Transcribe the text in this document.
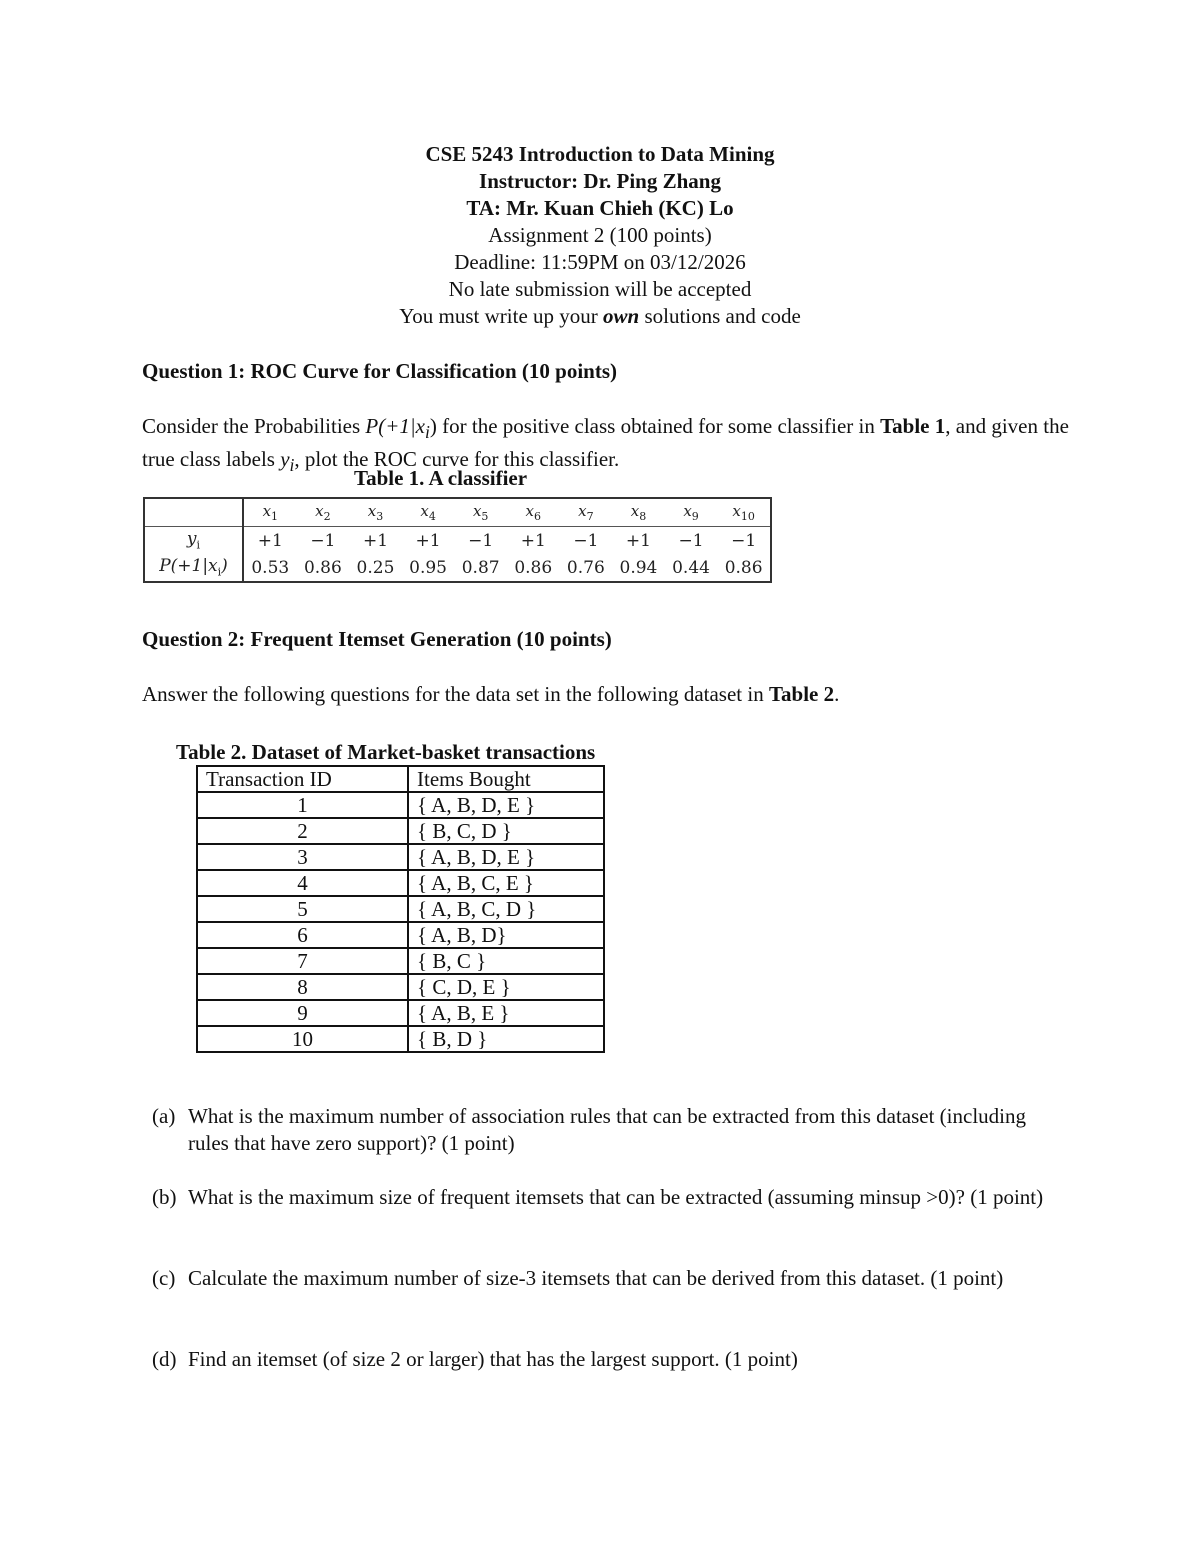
CSE 5243 Introduction to Data Mining
Instructor: Dr. Ping Zhang
TA: Mr. Kuan Chieh (KC) Lo
Assignment 2 (100 points)
Deadline: 11:59PM on 03/12/2026
No late submission will be accepted
You must write up your own solutions and code
Question 1: ROC Curve for Classification (10 points)
Consider the Probabilities $P(+1|x_i)$ for the positive class obtained for some classifier in Table 1, and given the true class labels $y_i$, plot the ROC curve for this classifier.
Table 1. A classifier
	$x_1$	$x_2$	$x_3$	$x_4$	$x_5$	$x_6$	$x_7$	$x_8$	$x_9$	$x_{10}$
$y_i$	+1	−1	+1	+1	−1	+1	−1	+1	−1	−1
$P(+1|x_i)$	0.53	0.86	0.25	0.95	0.87	0.86	0.76	0.94	0.44	0.86
Question 2: Frequent Itemset Generation (10 points)
Answer the following questions for the data set in the following dataset in Table 2.
Table 2. Dataset of Market-basket transactions
Transaction ID	Items Bought
1	{ A, B, D, E }
2	{ B, C, D }
3	{ A, B, D, E }
4	{ A, B, C, E }
5	{ A, B, C, D }
6	{ A, B, D}
7	{ B, C }
8	{ C, D, E }
9	{ A, B, E }
10	{ B, D }
(a) What is the maximum number of association rules that can be extracted from this dataset (including rules that have zero support)? (1 point)
(b) What is the maximum size of frequent itemsets that can be extracted (assuming minsup >0)? (1 point)
(c) Calculate the maximum number of size-3 itemsets that can be derived from this dataset. (1 point)
(d) Find an itemset (of size 2 or larger) that has the largest support. (1 point)
